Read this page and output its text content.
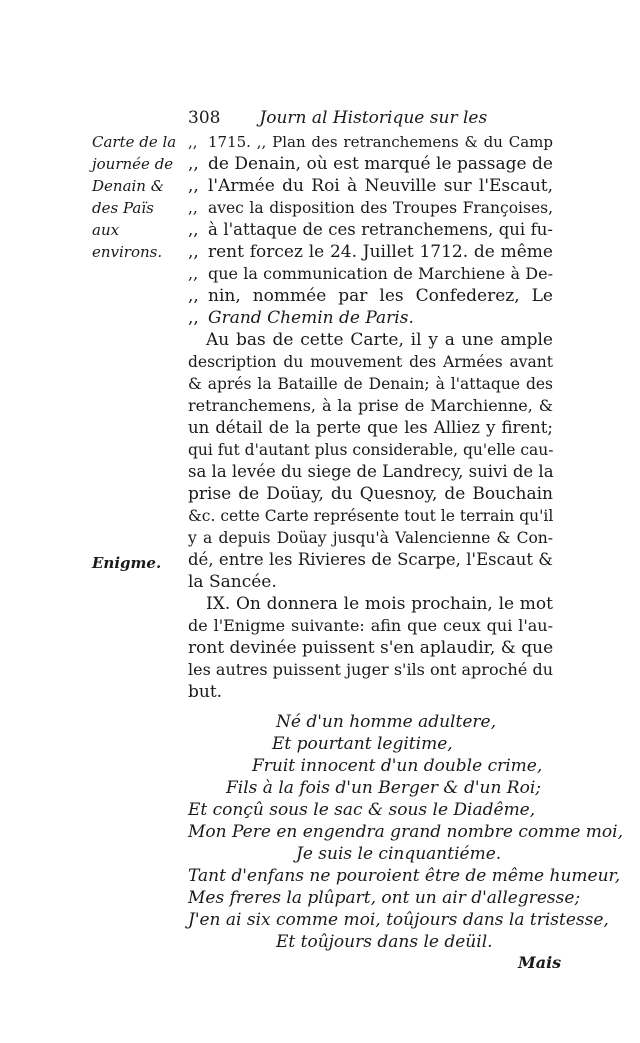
308 Journ al Historique sur les
Carte de la
journée de
Denain &
des Païs aux
environs.
Enigme.
,,1715. ,, Plan des retranchemens & du Camp
,,de Denain, où est marqué le passage de
,,l'Armée du Roi à Neuville sur l'Escaut,
,,avec la disposition des Troupes Françoises,
,,à l'attaque de ces retranchemens, qui fu-
,,rent forcez le 24. Juillet 1712. de même
,,que la communication de Marchiene à De-
,,nin, nommée par les Confederez, Le
,,Grand Chemin de Paris.
Au bas de cette Carte, il y a une ample
description du mouvement des Armées avant
& aprés la Bataille de Denain; à l'attaque des
retranchemens, à la prise de Marchienne, &
un détail de la perte que les Alliez y firent;
qui fut d'autant plus considerable, qu'elle cau-
sa la levée du siege de Landrecy, suivi de la
prise de Doüay, du Quesnoy, de Bouchain
&c. cette Carte représente tout le terrain qu'il
y a depuis Doüay jusqu'à Valencienne & Con-
dé, entre les Rivieres de Scarpe, l'Escaut &
la Sancée.
IX. On donnera le mois prochain, le mot
de l'Enigme suivante: afin que ceux qui l'au-
ront devinée puissent s'en aplaudir, & que
les autres puissent juger s'ils ont aproché du
but.
Né d'un homme adultere,
Et pourtant legitime,
Fruit innocent d'un double crime,
Fils à la fois d'un Berger & d'un Roi;
Et conçû sous le sac & sous le Diadême,
Mon Pere en engendra grand nombre comme moi,
Je suis le cinquantiéme.
Tant d'enfans ne pouroient être de même humeur,
Mes freres la plûpart, ont un air d'allegresse;
J'en ai six comme moi, toûjours dans la tristesse,
Et toûjours dans le deüil.
Mais
